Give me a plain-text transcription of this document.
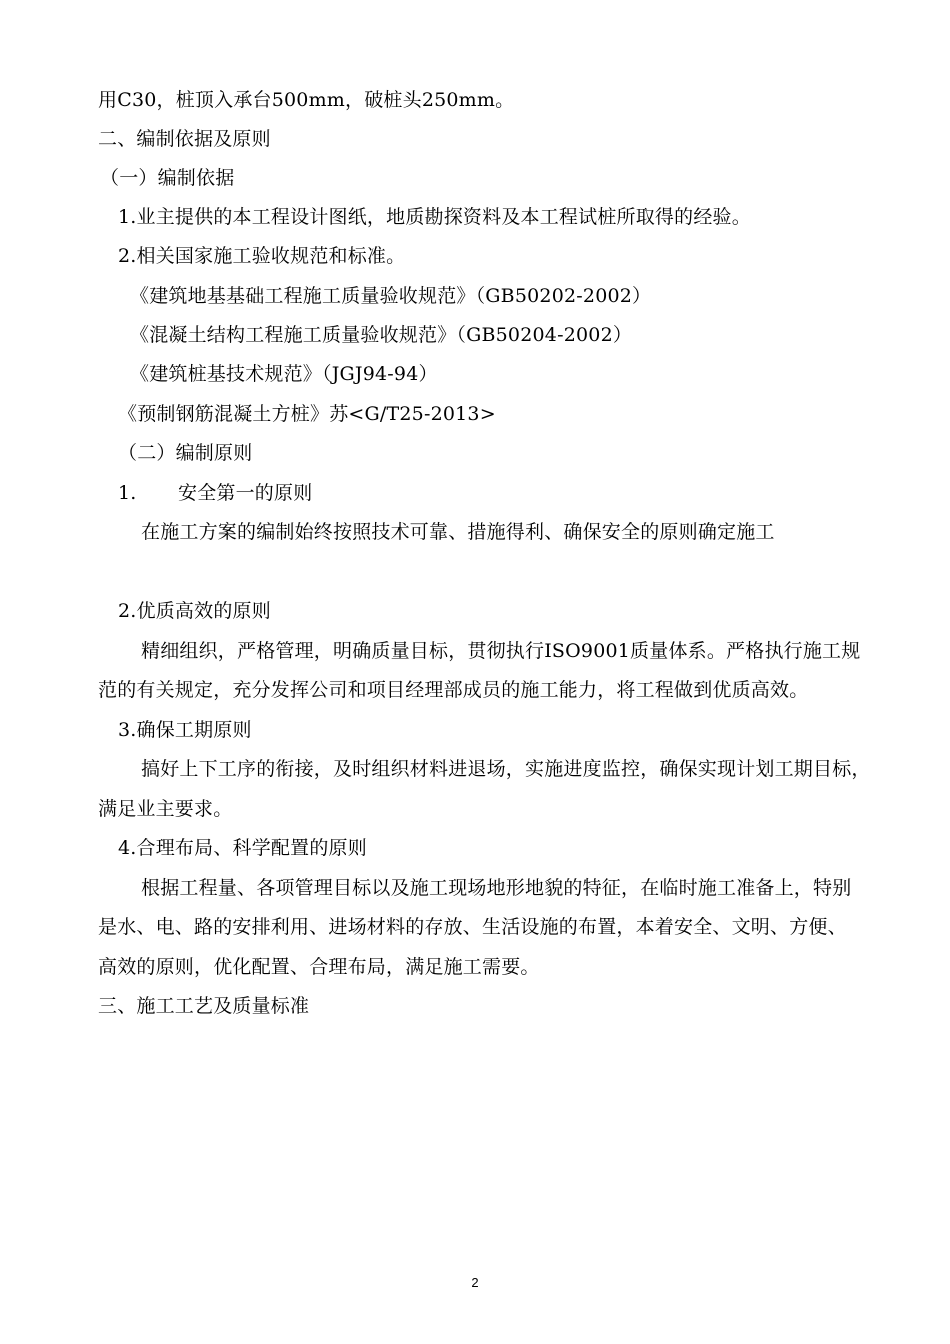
用C30，桩顶入承台500mm，破桩头250mm。
二、编制依据及原则
（一）编制依据
1.业主提供的本工程设计图纸，地质勘探资料及本工程试桩所取得的经验。
2.相关国家施工验收规范和标准。
《建筑地基基础工程施工质量验收规范》（GB50202-2002）
《混凝土结构工程施工质量验收规范》（GB50204-2002）
《建筑桩基技术规范》（JGJ94-94）
《预制钢筋混凝土方桩》苏<G/T25-2013>
（二）编制原则
1. 安全第一的原则
在施工方案的编制始终按照技术可靠、措施得利、确保安全的原则确定施工
2.优质高效的原则
精细组织，严格管理，明确质量目标，贯彻执行ISO9001质量体系。严格执行施工规
范的有关规定，充分发挥公司和项目经理部成员的施工能力，将工程做到优质高效。
3.确保工期原则
搞好上下工序的衔接，及时组织材料进退场，实施进度监控，确保实现计划工期目标，
满足业主要求。
4.合理布局、科学配置的原则
根据工程量、各项管理目标以及施工现场地形地貌的特征，在临时施工准备上，特别
是水、电、路的安排利用、进场材料的存放、生活设施的布置，本着安全、文明、方便、
高效的原则，优化配置、合理布局，满足施工需要。
三、施工工艺及质量标准
2
